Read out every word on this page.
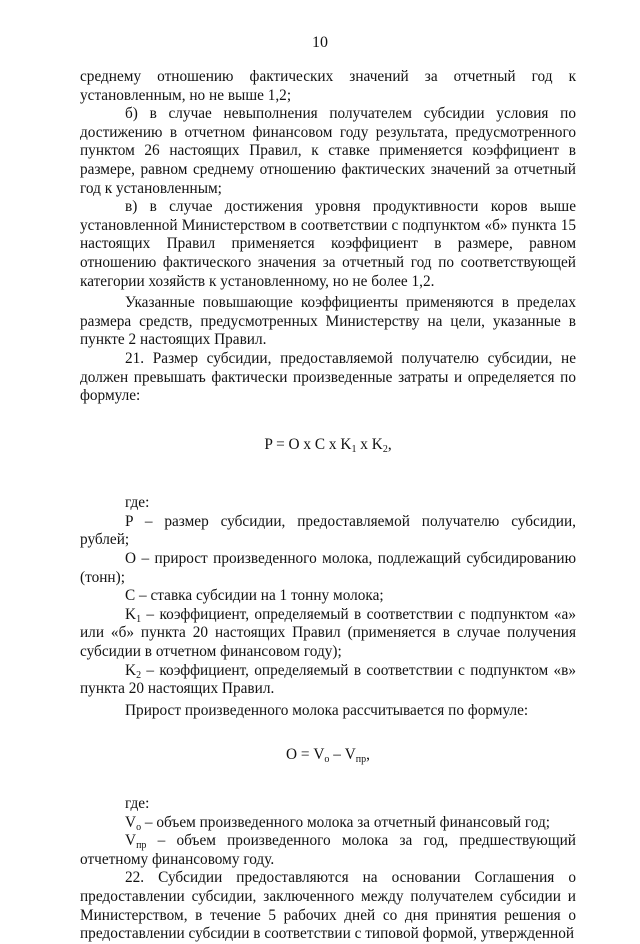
10

среднему отношению фактических значений за отчетный год к установленным, но не выше 1,2;

б) в случае невыполнения получателем субсидии условия по достижению в отчетном финансовом году результата, предусмотренного пунктом 26 настоящих Правил, к ставке применяется коэффициент в размере, равном среднему отношению фактических значений за отчетный год к установленным;

в) в случае достижения уровня продуктивности коров выше установленной Министерством в соответствии с подпунктом «б» пункта 15 настоящих Правил применяется коэффициент в размере, равном отношению фактического значения за отчетный год по соответствующей категории хозяйств к установленному, но не более 1,2.

Указанные повышающие коэффициенты применяются в пределах размера средств, предусмотренных Министерству на цели, указанные в пункте 2 настоящих Правил.

21. Размер субсидии, предоставляемой получателю субсидии, не должен превышать фактически произведенные затраты и определяется по формуле:

P = О х С х $K_1$ х $K_2$,

где:

P – размер субсидии, предоставляемой получателю субсидии, рублей;

О – прирост произведенного молока, подлежащий субсидированию (тонн);

С – ставка субсидии на 1 тонну молока;

$K_1$ – коэффициент, определяемый в соответствии с подпунктом «а» или «б» пункта 20 настоящих Правил (применяется в случае получения субсидии в отчетном финансовом году);

$K_2$ – коэффициент, определяемый в соответствии с подпунктом «в» пункта 20 настоящих Правил.

Прирост произведенного молока рассчитывается по формуле:

$О = V_о - V_{пр}$,

где:

$V_о$ – объем произведенного молока за отчетный финансовый год;

$V_{пр}$ – объем произведенного молока за год, предшествующий отчетному финансовому году.

22. Субсидии предоставляются на основании Соглашения о предоставлении субсидии, заключенного между получателем субсидии и Министерством, в течение 5 рабочих дней со дня принятия решения о предоставлении субсидии в соответствии с типовой формой, утвержденной
